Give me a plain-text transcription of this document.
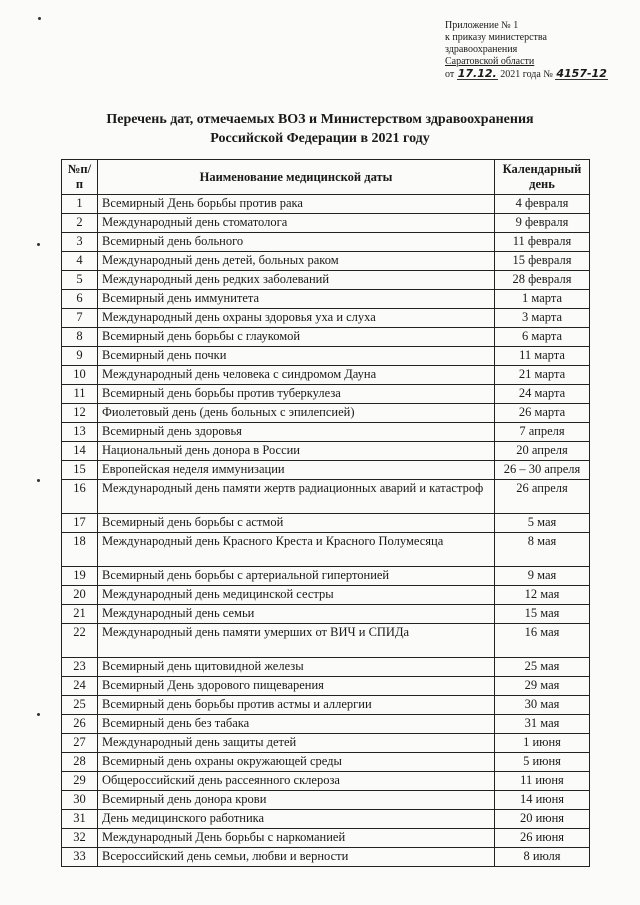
Приложение № 1
к приказу министерства
здравоохранения
Саратовской области
от 17.12. 2021 года № 4157-12
Перечень дат, отмечаемых ВОЗ и Министерством здравоохранения
Российской Федерации в 2021 году
№п/п	Наименование медицинской даты	Календарный день
1	Всемирный День борьбы против рака	4 февраля
2	Международный день стоматолога	9 февраля
3	Всемирный день больного	11 февраля
4	Международный день детей, больных раком	15 февраля
5	Международный день редких заболеваний	28 февраля
6	Всемирный день иммунитета	1 марта
7	Международный день охраны здоровья уха и слуха	3 марта
8	Всемирный день борьбы с глаукомой	6 марта
9	Всемирный день почки	11 марта
10	Международный день человека с синдромом Дауна	21 марта
11	Всемирный день борьбы против туберкулеза	24 марта
12	Фиолетовый день (день больных с эпилепсией)	26 марта
13	Всемирный день здоровья	7 апреля
14	Национальный день донора в России	20 апреля
15	Европейская неделя иммунизации	26 – 30 апреля
16	Международный день памяти жертв радиационных аварий и катастроф	26 апреля
17	Всемирный день борьбы с астмой	5 мая
18	Международный день Красного Креста и Красного Полумесяца	8 мая
19	Всемирный день борьбы с артериальной гипертонией	9 мая
20	Международный день медицинской сестры	12 мая
21	Международный день семьи	15 мая
22	Международный день памяти умерших от ВИЧ и СПИДа	16 мая
23	Всемирный день щитовидной железы	25 мая
24	Всемирный День здорового пищеварения	29 мая
25	Всемирный день борьбы против астмы и аллергии	30 мая
26	Всемирный день без табака	31 мая
27	Международный день защиты детей	1 июня
28	Всемирный день охраны окружающей среды	5 июня
29	Общероссийский день рассеянного склероза	11 июня
30	Всемирный день донора крови	14 июня
31	День медицинского работника	20 июня
32	Международный День борьбы с наркоманией	26 июня
33	Всероссийский день семьи, любви и верности	8 июля
